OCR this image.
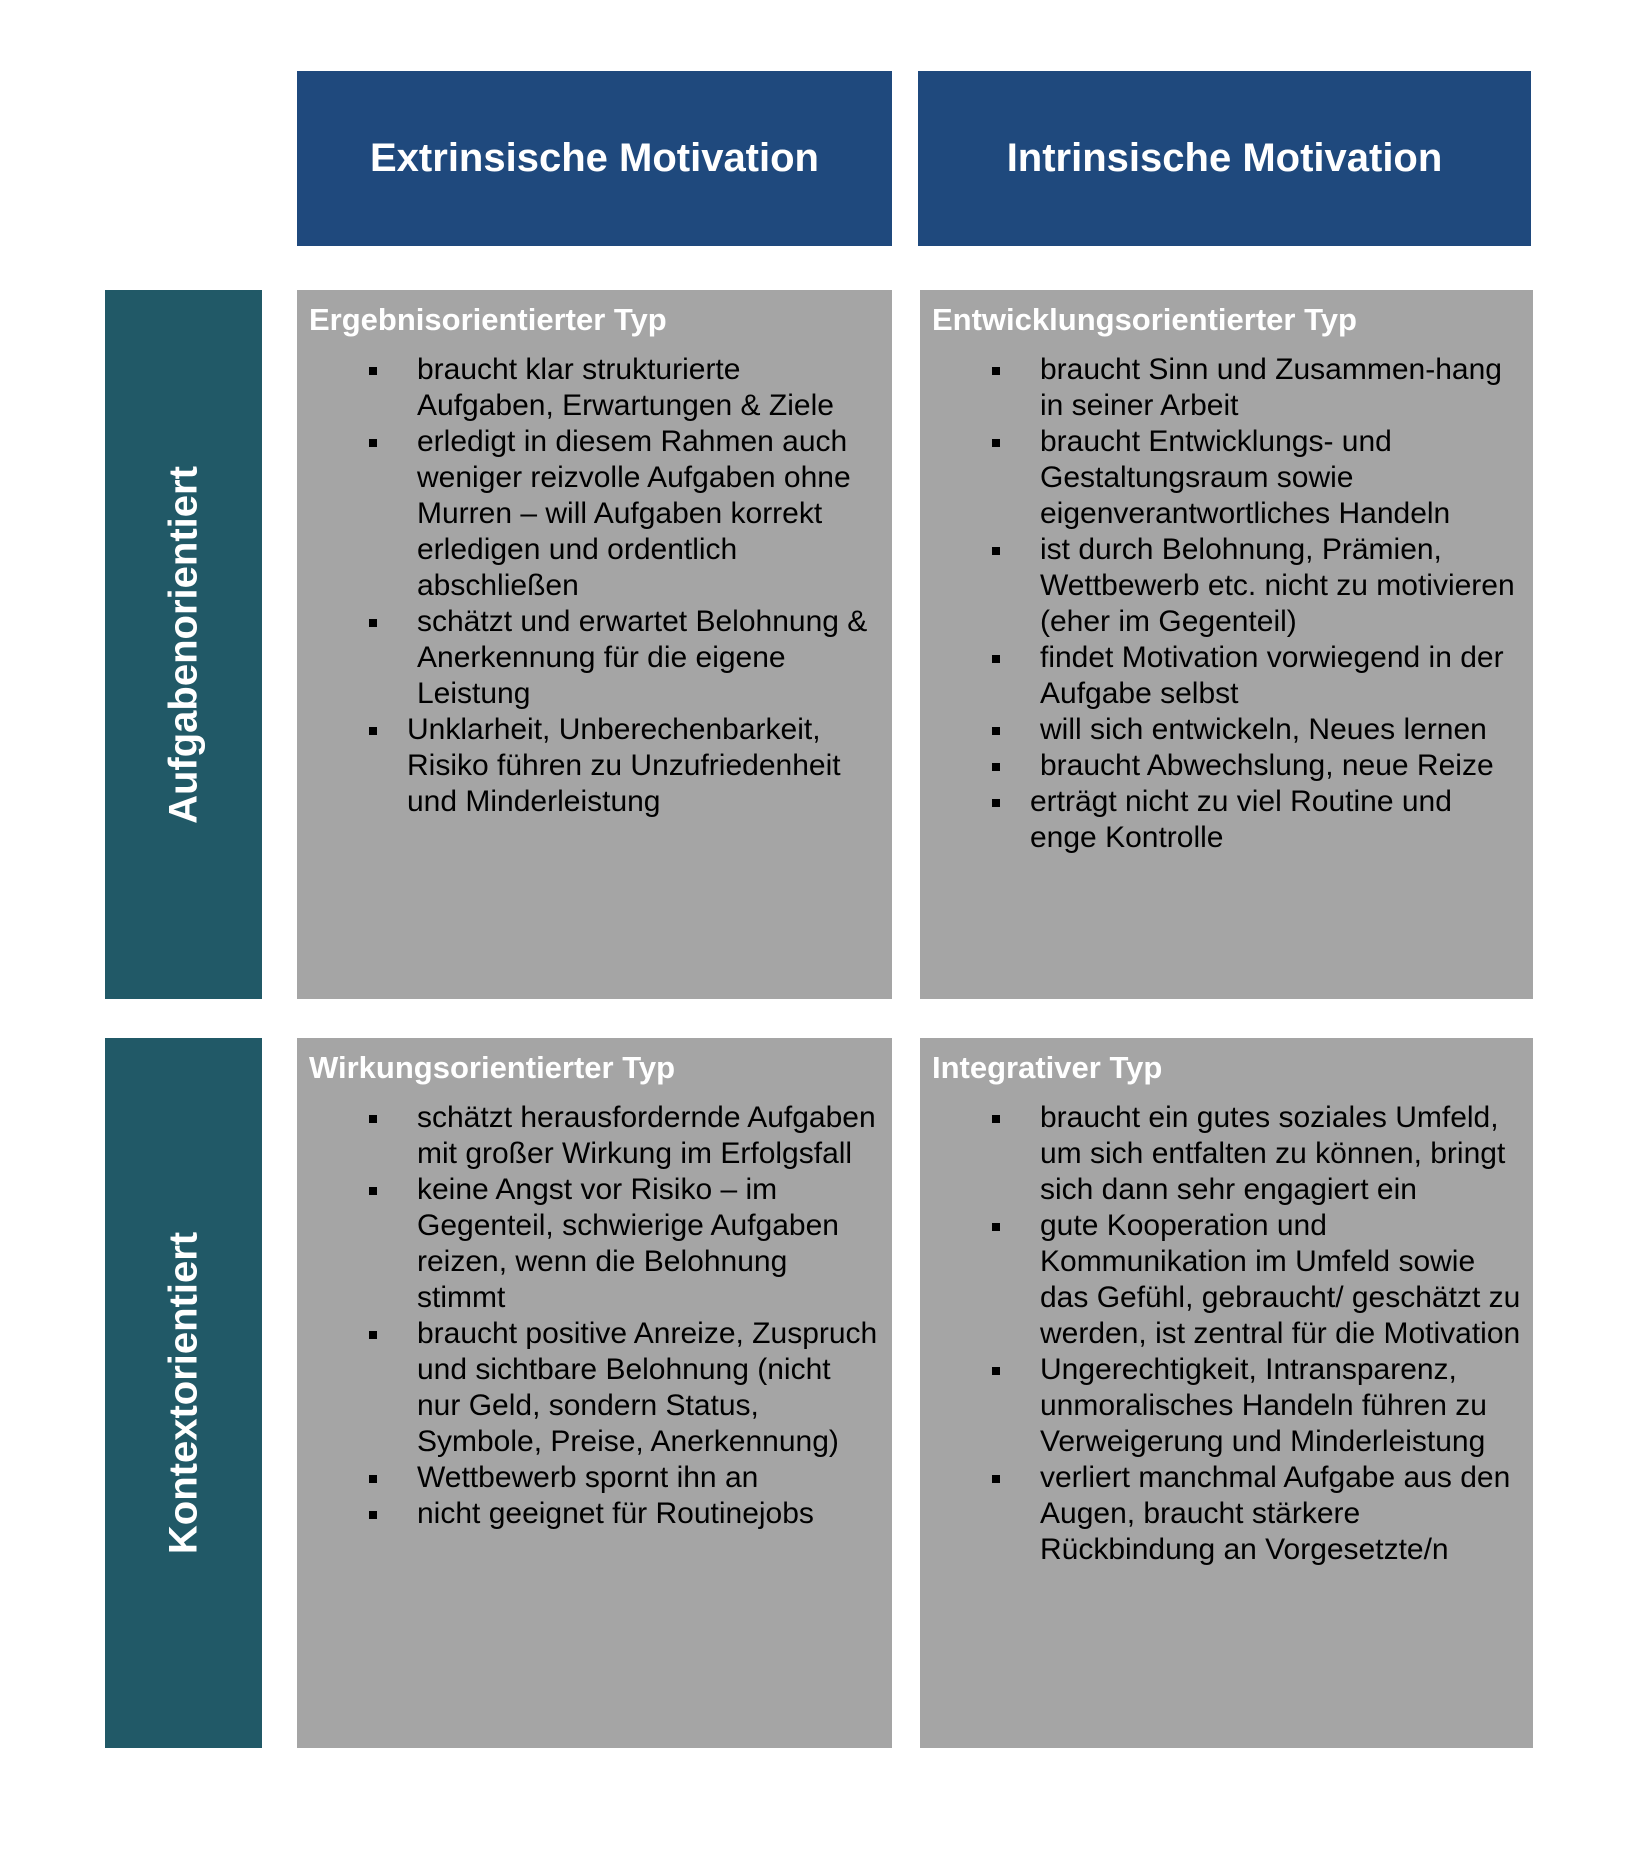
Extrinsische Motivation	Intrinsische Motivation
Aufgabenorientiert
Kontextorientiert
Ergebnisorientierter Typ
braucht klar strukturierte Aufgaben, Erwartungen & Ziele
erledigt in diesem Rahmen auch weniger reizvolle Aufgaben ohne Murren – will Aufgaben korrekt erledigen und ordentlich abschließen
schätzt und erwartet Belohnung & Anerkennung für die eigene Leistung
Unklarheit, Unberechenbarkeit, Risiko führen zu Unzufriedenheit und Minderleistung
Entwicklungsorientierter Typ
braucht Sinn und Zusammen-hang in seiner Arbeit
braucht Entwicklungs- und Gestaltungsraum sowie eigenverantwortliches Handeln
ist durch Belohnung, Prämien, Wettbewerb etc. nicht zu motivieren (eher im Gegenteil)
findet Motivation vorwiegend in der Aufgabe selbst
will sich entwickeln, Neues lernen
braucht Abwechslung, neue Reize
erträgt nicht zu viel Routine und enge Kontrolle
Wirkungsorientierter Typ
schätzt herausfordernde Aufgaben mit großer Wirkung im Erfolgsfall
keine Angst vor Risiko – im Gegenteil, schwierige Aufgaben reizen, wenn die Belohnung stimmt
braucht positive Anreize, Zuspruch und sichtbare Belohnung (nicht nur Geld, sondern Status, Symbole, Preise, Anerkennung)
Wettbewerb spornt ihn an
nicht geeignet für Routinejobs
Integrativer Typ
braucht ein gutes soziales Umfeld, um sich entfalten zu können, bringt sich dann sehr engagiert ein
gute Kooperation und Kommunikation im Umfeld sowie das Gefühl, gebraucht/ geschätzt zu werden, ist zentral für die Motivation
Ungerechtigkeit, Intransparenz, unmoralisches Handeln führen zu Verweigerung und Minderleistung
verliert manchmal Aufgabe aus den Augen, braucht stärkere Rückbindung an Vorgesetzte/n
